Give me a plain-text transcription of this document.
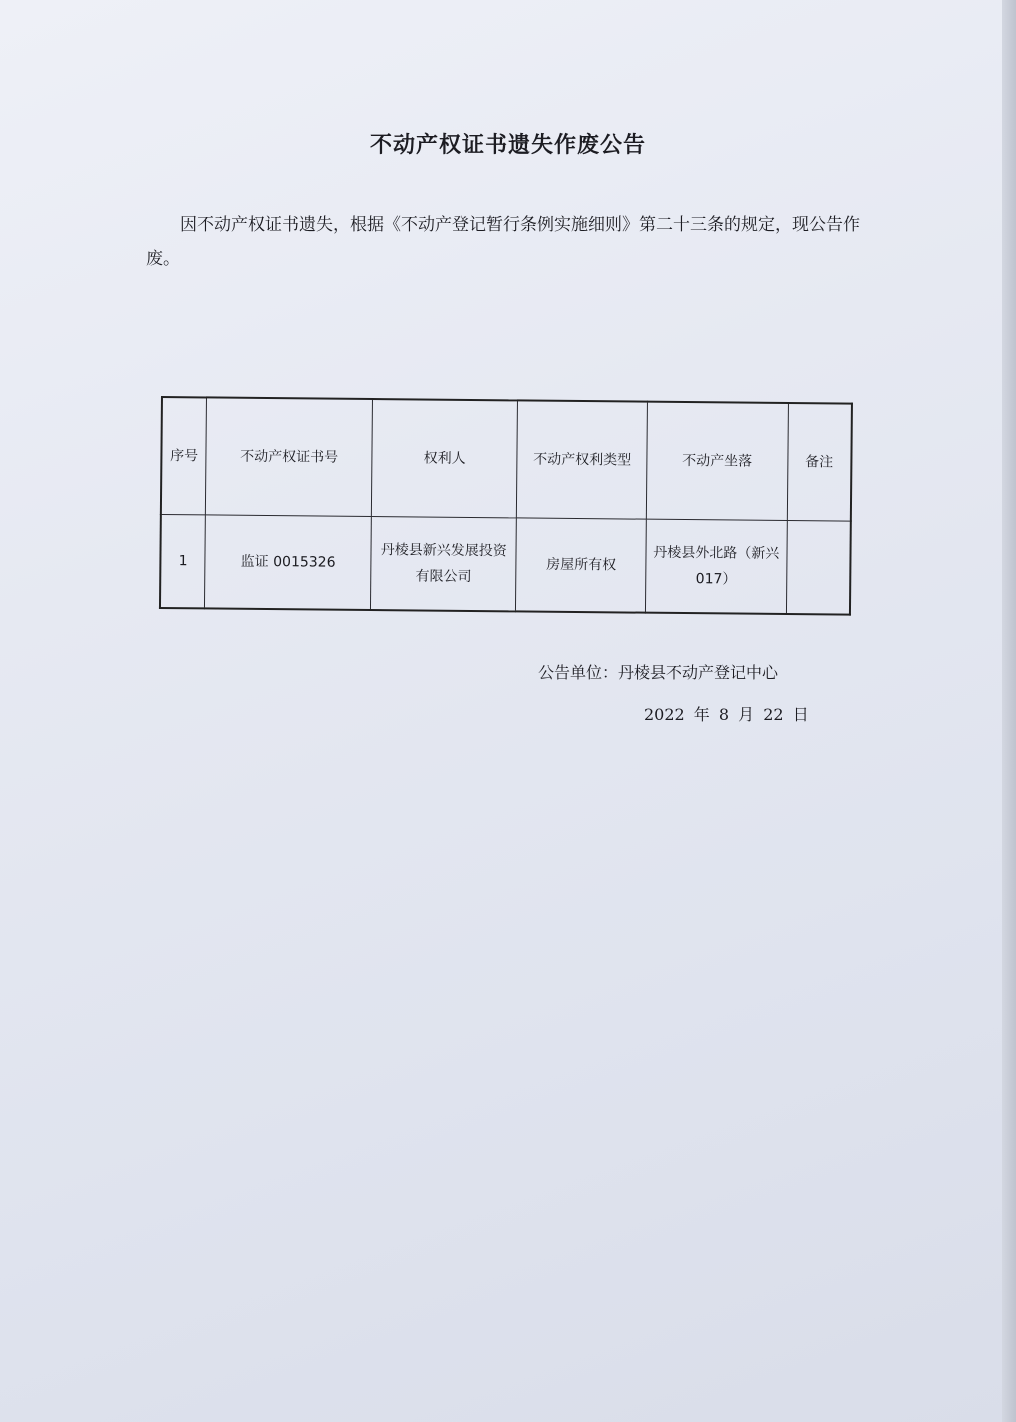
不动产权证书遗失作废公告
因不动产权证书遗失，根据《不动产登记暂行条例实施细则》第二十三条的规定，现公告作废。
序号	不动产权证书号	权利人	不动产权利类型	不动产坐落	备注
1	监证 0015326	丹棱县新兴发展投资有限公司	房屋所有权	丹棱县外北路（新兴 017）	
公告单位：丹棱县不动产登记中心
2022 年 8 月 22 日
